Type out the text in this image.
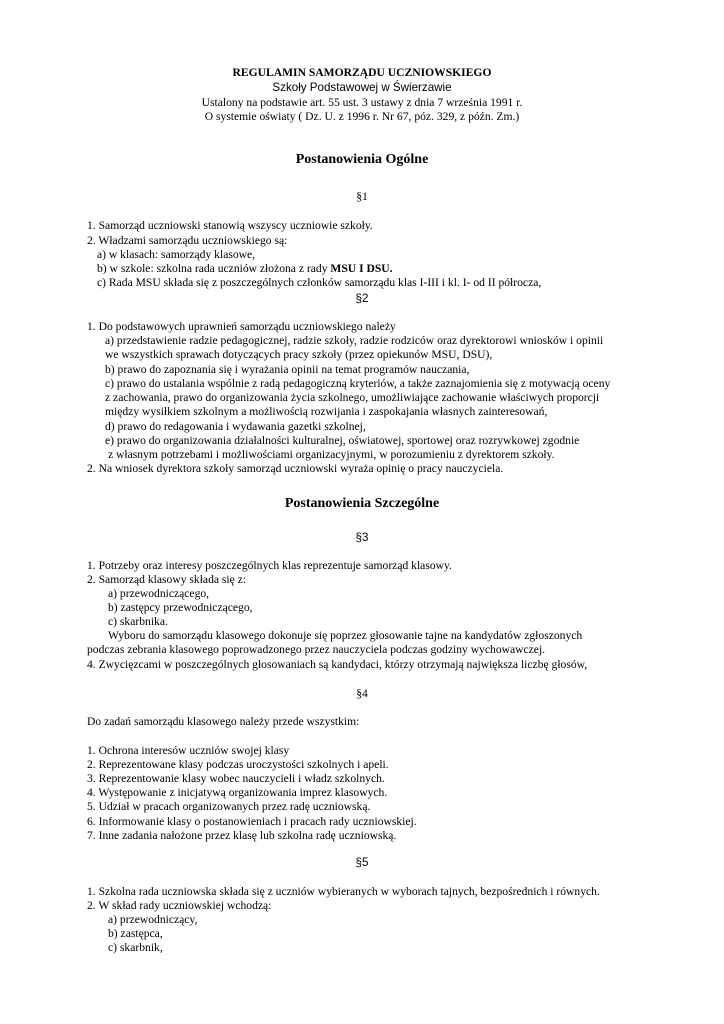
REGULAMIN SAMORZĄDU UCZNIOWSKIEGO
Szkoły Podstawowej w Świerzawie
Ustalony na podstawie art. 55 ust. 3 ustawy z dnia 7 września 1991 r.
O systemie oświaty ( Dz. U. z 1996 r. Nr 67, póz. 329, z późn. Zm.)
Postanowienia Ogólne
§1
1. Samorząd uczniowski stanowią wszyscy uczniowie szkoły.
2. Władzami samorządu uczniowskiego są:
a) w klasach: samorządy klasowe,
b) w szkole: szkolna rada uczniów złożona z rady MSU I DSU.
c) Rada MSU składa się z poszczególnych członków samorządu klas I-III i kl. I- od II półrocza,
§2
1. Do podstawowych uprawnień samorządu uczniowskiego należy
a) przedstawienie radzie pedagogicznej, radzie szkoły, radzie rodziców oraz dyrektorowi wniosków i opinii
we wszystkich sprawach dotyczących pracy szkoły (przez opiekunów MSU, DSU),
b) prawo do zapoznania się i wyrażania opinii na temat programów nauczania,
c) prawo do ustalania wspólnie z radą pedagogiczną kryteriów, a także zaznajomienia się z motywacją oceny
z zachowania, prawo do organizowania życia szkolnego, umożliwiające zachowanie właściwych proporcji
między wysiłkiem szkolnym a możliwością rozwijania i zaspokajania własnych zainteresowań,
d) prawo do redagowania i wydawania gazetki szkolnej,
e) prawo do organizowania działalności kulturalnej, oświatowej, sportowej oraz rozrywkowej zgodnie
z własnym potrzebami i możliwościami organizacyjnymi, w porozumieniu z dyrektorem szkoły.
2. Na wniosek dyrektora szkoły samorząd uczniowski wyraża opinię o pracy nauczyciela.
Postanowienia Szczególne
§3
1. Potrzeby oraz interesy poszczególnych klas reprezentuje samorząd klasowy.
2. Samorząd klasowy składa się z:
a) przewodniczącego,
b) zastępcy przewodniczącego,
c) skarbnika.
Wyboru do samorządu klasowego dokonuje się poprzez głosowanie tajne na kandydatów zgłoszonych
podczas zebrania klasowego poprowadzonego przez nauczyciela podczas godziny wychowawczej.
4. Zwycięzcami w poszczególnych głosowaniach są kandydaci, którzy otrzymają największa liczbę głosów,
§4
Do zadań samorządu klasowego należy przede wszystkim:
1. Ochrona interesów uczniów swojej klasy
2. Reprezentowane klasy podczas uroczystości szkolnych i apeli.
3. Reprezentowanie klasy wobec nauczycieli i władz szkolnych.
4. Występowanie z inicjatywą organizowania imprez klasowych.
5. Udział w pracach organizowanych przez radę uczniowską.
6. Informowanie klasy o postanowieniach i pracach rady uczniowskiej.
7. Inne zadania nałożone przez klasę lub szkolna radę uczniowską.
§5
1. Szkolna rada uczniowska składa się z uczniów wybieranych w wyborach tajnych, bezpośrednich i równych.
2. W skład rady uczniowskiej wchodzą:
a) przewodniczący,
b) zastępca,
c) skarbnik,
